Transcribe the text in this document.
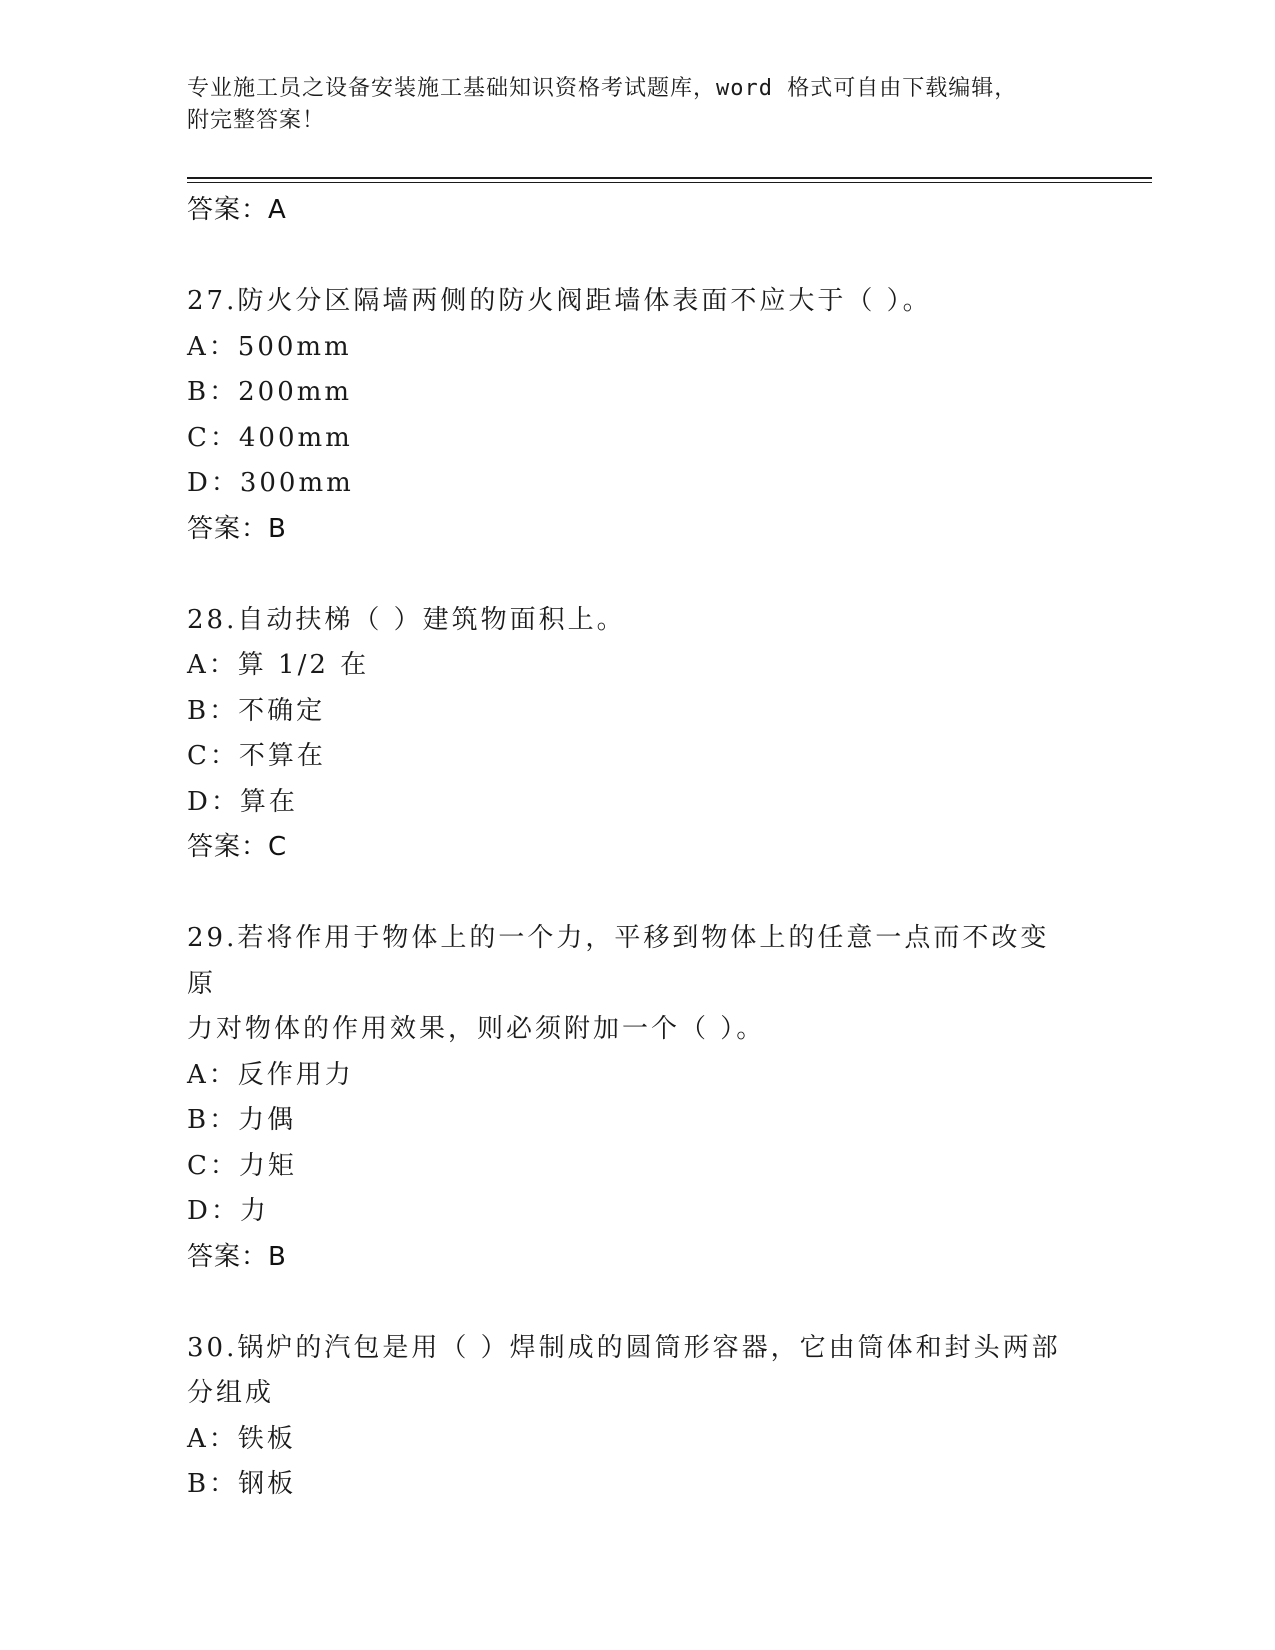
专业施工员之设备安装施工基础知识资格考试题库，word 格式可自由下载编辑，
附完整答案！
答案：A
27.防火分区隔墙两侧的防火阀距墙体表面不应大于（ ）。
A：500mm
B：200mm
C：400mm
D：300mm
答案：B
28.自动扶梯（ ）建筑物面积上。
A：算 1/2 在
B：不确定
C：不算在
D：算在
答案：C
29.若将作用于物体上的一个力，平移到物体上的任意一点而不改变原
力对物体的作用效果，则必须附加一个（ ）。
A：反作用力
B：力偶
C：力矩
D：力
答案：B
30.锅炉的汽包是用（ ）焊制成的圆筒形容器，它由筒体和封头两部
分组成
A：铁板
B：钢板
